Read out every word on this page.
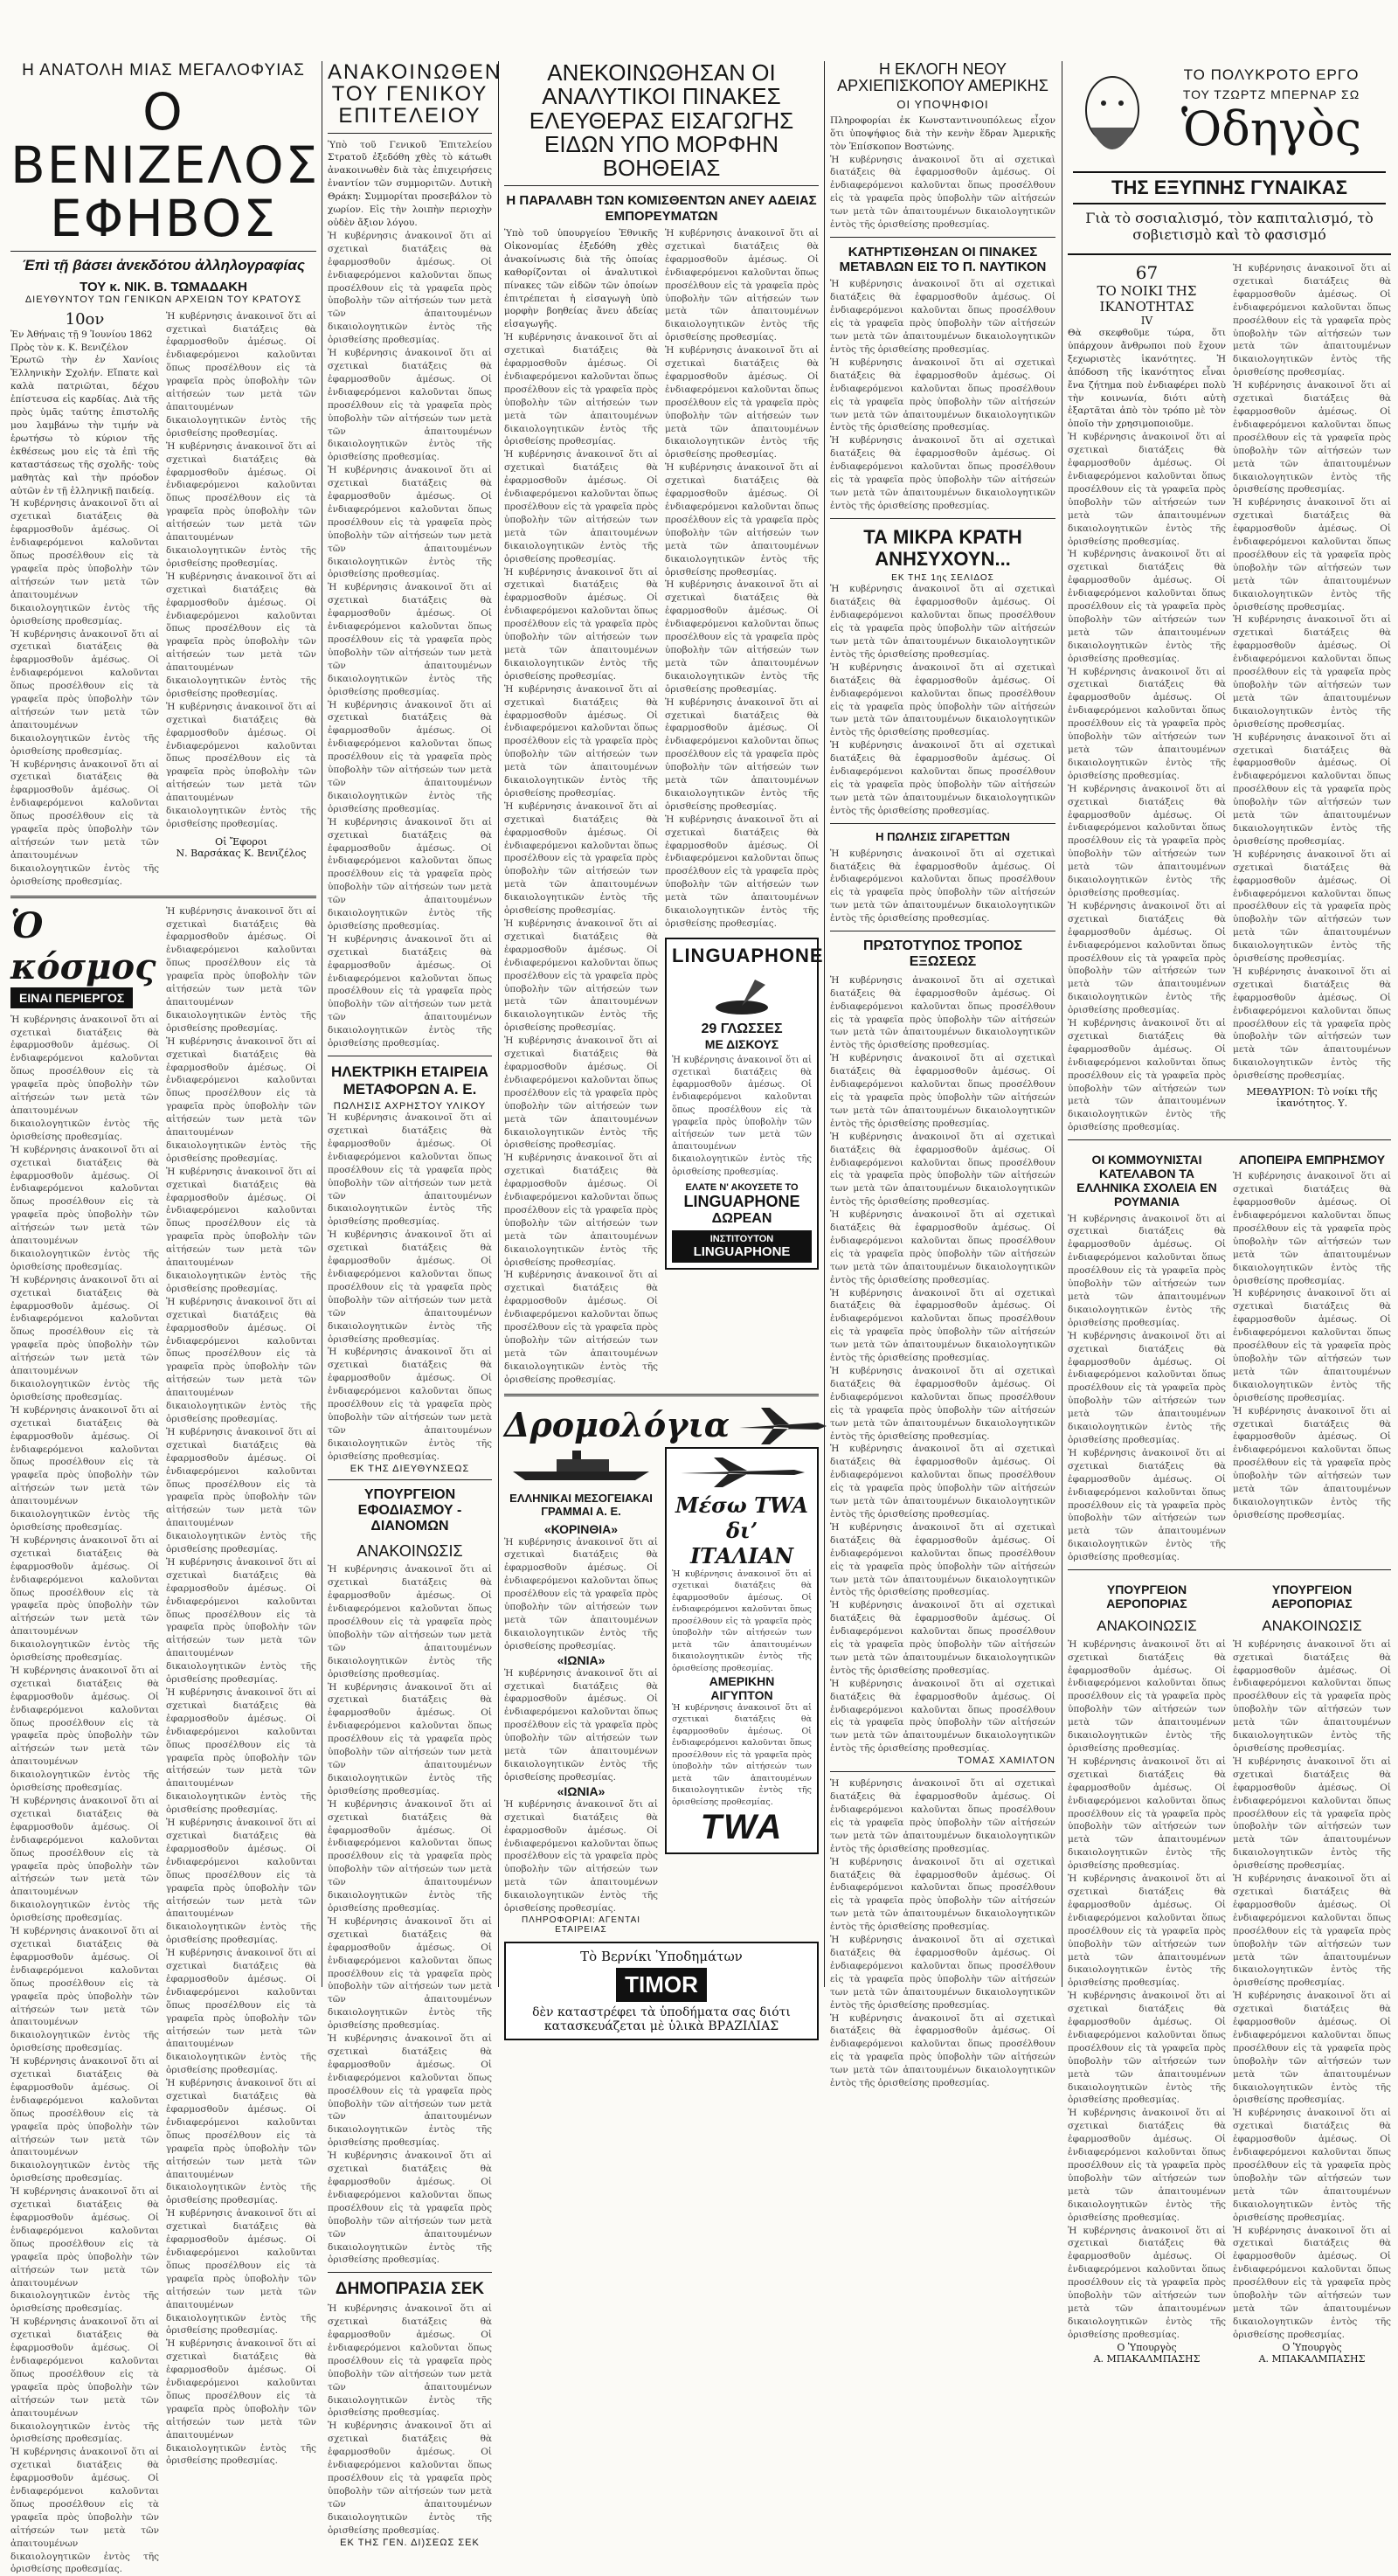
Η ΑΝΑΤΟΛΗ ΜΙΑΣ ΜΕΓΑΛΟΦΥΙΑΣ
Ο ΒΕΝΙΖΕΛΟΣ
ΕΦΗΒΟΣ
Έπὶ τῇ βάσει ἀνεκδότου ἀλληλογραφίας
ΤΟΥ κ. ΝΙΚ. Β. ΤΩΜΑΔΑΚΗ
ΔΙΕΥΘΥΝΤΟΥ ΤΩΝ ΓΕΝΙΚΩΝ ΑΡΧΕΙΩΝ ΤΟΥ ΚΡΑΤΟΥΣ
10ον
Ἐν Ἀθήναις τῇ 9 Ἰουνίου 1862
Πρὸς τὸν κ. Κ. Βενιζέλον
Ἐρωτῶ τὴν ἐν Χανίοις Ἑλληνικὴν Σχολήν. Εἴπατε καὶ καλὰ πατριῶται, δέχου ἐπίστευσα εἰς καρδίας. Διὰ τῆς πρὸς ὑμᾶς ταύτης ἐπιστολῆς μου λαμβάνω τὴν τιμήν νὰ ἐρωτήσω τὸ κύριον τῆς ἐκθέσεως μου εἰς τὰ ἐπὶ τῆς καταστάσεως τῆς σχολῆς· τοὺς μαθητὰς καὶ τὴν πρόοδον αὐτῶν ἐν τῇ ἑλληνικῇ παιδείᾳ.
Ἡ κυβέρνησις ἀνακοινοῖ ὅτι αἱ σχετικαὶ διατάξεις θὰ ἐφαρμοσθοῦν ἀμέσως. Οἱ ἐνδιαφερόμενοι καλοῦνται ὅπως προσέλθουν εἰς τὰ γραφεῖα πρὸς ὑποβολὴν τῶν αἰτήσεών των μετὰ τῶν ἀπαιτουμένων δικαιολογητικῶν ἐντὸς τῆς ὁρισθείσης προθεσμίας.
Ἡ κυβέρνησις ἀνακοινοῖ ὅτι αἱ σχετικαὶ διατάξεις θὰ ἐφαρμοσθοῦν ἀμέσως. Οἱ ἐνδιαφερόμενοι καλοῦνται ὅπως προσέλθουν εἰς τὰ γραφεῖα πρὸς ὑποβολὴν τῶν αἰτήσεών των μετὰ τῶν ἀπαιτουμένων δικαιολογητικῶν ἐντὸς τῆς ὁρισθείσης προθεσμίας.
Ἡ κυβέρνησις ἀνακοινοῖ ὅτι αἱ σχετικαὶ διατάξεις θὰ ἐφαρμοσθοῦν ἀμέσως. Οἱ ἐνδιαφερόμενοι καλοῦνται ὅπως προσέλθουν εἰς τὰ γραφεῖα πρὸς ὑποβολὴν τῶν αἰτήσεών των μετὰ τῶν ἀπαιτουμένων δικαιολογητικῶν ἐντὸς τῆς ὁρισθείσης προθεσμίας.
Ἡ κυβέρνησις ἀνακοινοῖ ὅτι αἱ σχετικαὶ διατάξεις θὰ ἐφαρμοσθοῦν ἀμέσως. Οἱ ἐνδιαφερόμενοι καλοῦνται ὅπως προσέλθουν εἰς τὰ γραφεῖα πρὸς ὑποβολὴν τῶν αἰτήσεών των μετὰ τῶν ἀπαιτουμένων δικαιολογητικῶν ἐντὸς τῆς ὁρισθείσης προθεσμίας.
Ἡ κυβέρνησις ἀνακοινοῖ ὅτι αἱ σχετικαὶ διατάξεις θὰ ἐφαρμοσθοῦν ἀμέσως. Οἱ ἐνδιαφερόμενοι καλοῦνται ὅπως προσέλθουν εἰς τὰ γραφεῖα πρὸς ὑποβολὴν τῶν αἰτήσεών των μετὰ τῶν ἀπαιτουμένων δικαιολογητικῶν ἐντὸς τῆς ὁρισθείσης προθεσμίας.
Ἡ κυβέρνησις ἀνακοινοῖ ὅτι αἱ σχετικαὶ διατάξεις θὰ ἐφαρμοσθοῦν ἀμέσως. Οἱ ἐνδιαφερόμενοι καλοῦνται ὅπως προσέλθουν εἰς τὰ γραφεῖα πρὸς ὑποβολὴν τῶν αἰτήσεών των μετὰ τῶν ἀπαιτουμένων δικαιολογητικῶν ἐντὸς τῆς ὁρισθείσης προθεσμίας.
Ἡ κυβέρνησις ἀνακοινοῖ ὅτι αἱ σχετικαὶ διατάξεις θὰ ἐφαρμοσθοῦν ἀμέσως. Οἱ ἐνδιαφερόμενοι καλοῦνται ὅπως προσέλθουν εἰς τὰ γραφεῖα πρὸς ὑποβολὴν τῶν αἰτήσεών των μετὰ τῶν ἀπαιτουμένων δικαιολογητικῶν ἐντὸς τῆς ὁρισθείσης προθεσμίας.
Οἱ Ἔφοροι
Ν. Βαρσάκας Κ. Βενιζέλος
Ὁ κόσμος
ΕΙΝΑΙ ΠΕΡΙΕΡΓΟΣ
Ἡ κυβέρνησις ἀνακοινοῖ ὅτι αἱ σχετικαὶ διατάξεις θὰ ἐφαρμοσθοῦν ἀμέσως. Οἱ ἐνδιαφερόμενοι καλοῦνται ὅπως προσέλθουν εἰς τὰ γραφεῖα πρὸς ὑποβολὴν τῶν αἰτήσεών των μετὰ τῶν ἀπαιτουμένων δικαιολογητικῶν ἐντὸς τῆς ὁρισθείσης προθεσμίας.
Ἡ κυβέρνησις ἀνακοινοῖ ὅτι αἱ σχετικαὶ διατάξεις θὰ ἐφαρμοσθοῦν ἀμέσως. Οἱ ἐνδιαφερόμενοι καλοῦνται ὅπως προσέλθουν εἰς τὰ γραφεῖα πρὸς ὑποβολὴν τῶν αἰτήσεών των μετὰ τῶν ἀπαιτουμένων δικαιολογητικῶν ἐντὸς τῆς ὁρισθείσης προθεσμίας.
Ἡ κυβέρνησις ἀνακοινοῖ ὅτι αἱ σχετικαὶ διατάξεις θὰ ἐφαρμοσθοῦν ἀμέσως. Οἱ ἐνδιαφερόμενοι καλοῦνται ὅπως προσέλθουν εἰς τὰ γραφεῖα πρὸς ὑποβολὴν τῶν αἰτήσεών των μετὰ τῶν ἀπαιτουμένων δικαιολογητικῶν ἐντὸς τῆς ὁρισθείσης προθεσμίας.
Ἡ κυβέρνησις ἀνακοινοῖ ὅτι αἱ σχετικαὶ διατάξεις θὰ ἐφαρμοσθοῦν ἀμέσως. Οἱ ἐνδιαφερόμενοι καλοῦνται ὅπως προσέλθουν εἰς τὰ γραφεῖα πρὸς ὑποβολὴν τῶν αἰτήσεών των μετὰ τῶν ἀπαιτουμένων δικαιολογητικῶν ἐντὸς τῆς ὁρισθείσης προθεσμίας.
Ἡ κυβέρνησις ἀνακοινοῖ ὅτι αἱ σχετικαὶ διατάξεις θὰ ἐφαρμοσθοῦν ἀμέσως. Οἱ ἐνδιαφερόμενοι καλοῦνται ὅπως προσέλθουν εἰς τὰ γραφεῖα πρὸς ὑποβολὴν τῶν αἰτήσεών των μετὰ τῶν ἀπαιτουμένων δικαιολογητικῶν ἐντὸς τῆς ὁρισθείσης προθεσμίας.
Ἡ κυβέρνησις ἀνακοινοῖ ὅτι αἱ σχετικαὶ διατάξεις θὰ ἐφαρμοσθοῦν ἀμέσως. Οἱ ἐνδιαφερόμενοι καλοῦνται ὅπως προσέλθουν εἰς τὰ γραφεῖα πρὸς ὑποβολὴν τῶν αἰτήσεών των μετὰ τῶν ἀπαιτουμένων δικαιολογητικῶν ἐντὸς τῆς ὁρισθείσης προθεσμίας.
Ἡ κυβέρνησις ἀνακοινοῖ ὅτι αἱ σχετικαὶ διατάξεις θὰ ἐφαρμοσθοῦν ἀμέσως. Οἱ ἐνδιαφερόμενοι καλοῦνται ὅπως προσέλθουν εἰς τὰ γραφεῖα πρὸς ὑποβολὴν τῶν αἰτήσεών των μετὰ τῶν ἀπαιτουμένων δικαιολογητικῶν ἐντὸς τῆς ὁρισθείσης προθεσμίας.
Ἡ κυβέρνησις ἀνακοινοῖ ὅτι αἱ σχετικαὶ διατάξεις θὰ ἐφαρμοσθοῦν ἀμέσως. Οἱ ἐνδιαφερόμενοι καλοῦνται ὅπως προσέλθουν εἰς τὰ γραφεῖα πρὸς ὑποβολὴν τῶν αἰτήσεών των μετὰ τῶν ἀπαιτουμένων δικαιολογητικῶν ἐντὸς τῆς ὁρισθείσης προθεσμίας.
Ἡ κυβέρνησις ἀνακοινοῖ ὅτι αἱ σχετικαὶ διατάξεις θὰ ἐφαρμοσθοῦν ἀμέσως. Οἱ ἐνδιαφερόμενοι καλοῦνται ὅπως προσέλθουν εἰς τὰ γραφεῖα πρὸς ὑποβολὴν τῶν αἰτήσεών των μετὰ τῶν ἀπαιτουμένων δικαιολογητικῶν ἐντὸς τῆς ὁρισθείσης προθεσμίας.
Ἡ κυβέρνησις ἀνακοινοῖ ὅτι αἱ σχετικαὶ διατάξεις θὰ ἐφαρμοσθοῦν ἀμέσως. Οἱ ἐνδιαφερόμενοι καλοῦνται ὅπως προσέλθουν εἰς τὰ γραφεῖα πρὸς ὑποβολὴν τῶν αἰτήσεών των μετὰ τῶν ἀπαιτουμένων δικαιολογητικῶν ἐντὸς τῆς ὁρισθείσης προθεσμίας.
Ἡ κυβέρνησις ἀνακοινοῖ ὅτι αἱ σχετικαὶ διατάξεις θὰ ἐφαρμοσθοῦν ἀμέσως. Οἱ ἐνδιαφερόμενοι καλοῦνται ὅπως προσέλθουν εἰς τὰ γραφεῖα πρὸς ὑποβολὴν τῶν αἰτήσεών των μετὰ τῶν ἀπαιτουμένων δικαιολογητικῶν ἐντὸς τῆς ὁρισθείσης προθεσμίας.
Ἡ κυβέρνησις ἀνακοινοῖ ὅτι αἱ σχετικαὶ διατάξεις θὰ ἐφαρμοσθοῦν ἀμέσως. Οἱ ἐνδιαφερόμενοι καλοῦνται ὅπως προσέλθουν εἰς τὰ γραφεῖα πρὸς ὑποβολὴν τῶν αἰτήσεών των μετὰ τῶν ἀπαιτουμένων δικαιολογητικῶν ἐντὸς τῆς ὁρισθείσης προθεσμίας.
Ἡ κυβέρνησις ἀνακοινοῖ ὅτι αἱ σχετικαὶ διατάξεις θὰ ἐφαρμοσθοῦν ἀμέσως. Οἱ ἐνδιαφερόμενοι καλοῦνται ὅπως προσέλθουν εἰς τὰ γραφεῖα πρὸς ὑποβολὴν τῶν αἰτήσεών των μετὰ τῶν ἀπαιτουμένων δικαιολογητικῶν ἐντὸς τῆς ὁρισθείσης προθεσμίας.
Ἡ κυβέρνησις ἀνακοινοῖ ὅτι αἱ σχετικαὶ διατάξεις θὰ ἐφαρμοσθοῦν ἀμέσως. Οἱ ἐνδιαφερόμενοι καλοῦνται ὅπως προσέλθουν εἰς τὰ γραφεῖα πρὸς ὑποβολὴν τῶν αἰτήσεών των μετὰ τῶν ἀπαιτουμένων δικαιολογητικῶν ἐντὸς τῆς ὁρισθείσης προθεσμίας.
Ἡ κυβέρνησις ἀνακοινοῖ ὅτι αἱ σχετικαὶ διατάξεις θὰ ἐφαρμοσθοῦν ἀμέσως. Οἱ ἐνδιαφερόμενοι καλοῦνται ὅπως προσέλθουν εἰς τὰ γραφεῖα πρὸς ὑποβολὴν τῶν αἰτήσεών των μετὰ τῶν ἀπαιτουμένων δικαιολογητικῶν ἐντὸς τῆς ὁρισθείσης προθεσμίας.
Ἡ κυβέρνησις ἀνακοινοῖ ὅτι αἱ σχετικαὶ διατάξεις θὰ ἐφαρμοσθοῦν ἀμέσως. Οἱ ἐνδιαφερόμενοι καλοῦνται ὅπως προσέλθουν εἰς τὰ γραφεῖα πρὸς ὑποβολὴν τῶν αἰτήσεών των μετὰ τῶν ἀπαιτουμένων δικαιολογητικῶν ἐντὸς τῆς ὁρισθείσης προθεσμίας.
Ἡ κυβέρνησις ἀνακοινοῖ ὅτι αἱ σχετικαὶ διατάξεις θὰ ἐφαρμοσθοῦν ἀμέσως. Οἱ ἐνδιαφερόμενοι καλοῦνται ὅπως προσέλθουν εἰς τὰ γραφεῖα πρὸς ὑποβολὴν τῶν αἰτήσεών των μετὰ τῶν ἀπαιτουμένων δικαιολογητικῶν ἐντὸς τῆς ὁρισθείσης προθεσμίας.
Ἡ κυβέρνησις ἀνακοινοῖ ὅτι αἱ σχετικαὶ διατάξεις θὰ ἐφαρμοσθοῦν ἀμέσως. Οἱ ἐνδιαφερόμενοι καλοῦνται ὅπως προσέλθουν εἰς τὰ γραφεῖα πρὸς ὑποβολὴν τῶν αἰτήσεών των μετὰ τῶν ἀπαιτουμένων δικαιολογητικῶν ἐντὸς τῆς ὁρισθείσης προθεσμίας.
Ἡ κυβέρνησις ἀνακοινοῖ ὅτι αἱ σχετικαὶ διατάξεις θὰ ἐφαρμοσθοῦν ἀμέσως. Οἱ ἐνδιαφερόμενοι καλοῦνται ὅπως προσέλθουν εἰς τὰ γραφεῖα πρὸς ὑποβολὴν τῶν αἰτήσεών των μετὰ τῶν ἀπαιτουμένων δικαιολογητικῶν ἐντὸς τῆς ὁρισθείσης προθεσμίας.
Ἡ κυβέρνησις ἀνακοινοῖ ὅτι αἱ σχετικαὶ διατάξεις θὰ ἐφαρμοσθοῦν ἀμέσως. Οἱ ἐνδιαφερόμενοι καλοῦνται ὅπως προσέλθουν εἰς τὰ γραφεῖα πρὸς ὑποβολὴν τῶν αἰτήσεών των μετὰ τῶν ἀπαιτουμένων δικαιολογητικῶν ἐντὸς τῆς ὁρισθείσης προθεσμίας.
Ἡ κυβέρνησις ἀνακοινοῖ ὅτι αἱ σχετικαὶ διατάξεις θὰ ἐφαρμοσθοῦν ἀμέσως. Οἱ ἐνδιαφερόμενοι καλοῦνται ὅπως προσέλθουν εἰς τὰ γραφεῖα πρὸς ὑποβολὴν τῶν αἰτήσεών των μετὰ τῶν ἀπαιτουμένων δικαιολογητικῶν ἐντὸς τῆς ὁρισθείσης προθεσμίας.
Ἡ κυβέρνησις ἀνακοινοῖ ὅτι αἱ σχετικαὶ διατάξεις θὰ ἐφαρμοσθοῦν ἀμέσως. Οἱ ἐνδιαφερόμενοι καλοῦνται ὅπως προσέλθουν εἰς τὰ γραφεῖα πρὸς ὑποβολὴν τῶν αἰτήσεών των μετὰ τῶν ἀπαιτουμένων δικαιολογητικῶν ἐντὸς τῆς ὁρισθείσης προθεσμίας.
Ἡ κυβέρνησις ἀνακοινοῖ ὅτι αἱ σχετικαὶ διατάξεις θὰ ἐφαρμοσθοῦν ἀμέσως. Οἱ ἐνδιαφερόμενοι καλοῦνται ὅπως προσέλθουν εἰς τὰ γραφεῖα πρὸς ὑποβολὴν τῶν αἰτήσεών των μετὰ τῶν ἀπαιτουμένων δικαιολογητικῶν ἐντὸς τῆς ὁρισθείσης προθεσμίας.
Ἡ κυβέρνησις ἀνακοινοῖ ὅτι αἱ σχετικαὶ διατάξεις θὰ ἐφαρμοσθοῦν ἀμέσως. Οἱ ἐνδιαφερόμενοι καλοῦνται ὅπως προσέλθουν εἰς τὰ γραφεῖα πρὸς ὑποβολὴν τῶν αἰτήσεών των μετὰ τῶν ἀπαιτουμένων δικαιολογητικῶν ἐντὸς τῆς ὁρισθείσης προθεσμίας.
ΑΝΑΚΟΙΝΩΘΕΝ ΤΟΥ ΓΕΝΙΚΟΥ ΕΠΙΤΕΛΕΙΟΥ
Ὑπὸ τοῦ Γενικοῦ Ἐπιτελείου Στρατοῦ ἐξεδόθη χθὲς τὸ κάτωθι ἀνακοινωθὲν διὰ τὰς ἐπιχειρήσεις ἐναντίον τῶν συμμοριτῶν. Δυτικὴ Θράκη: Συμμορίται προσεβάλον τὸ χωρίον. Εἰς τὴν λοιπὴν περιοχὴν οὐδὲν ἄξιον λόγου.
Ἡ κυβέρνησις ἀνακοινοῖ ὅτι αἱ σχετικαὶ διατάξεις θὰ ἐφαρμοσθοῦν ἀμέσως. Οἱ ἐνδιαφερόμενοι καλοῦνται ὅπως προσέλθουν εἰς τὰ γραφεῖα πρὸς ὑποβολὴν τῶν αἰτήσεών των μετὰ τῶν ἀπαιτουμένων δικαιολογητικῶν ἐντὸς τῆς ὁρισθείσης προθεσμίας.
Ἡ κυβέρνησις ἀνακοινοῖ ὅτι αἱ σχετικαὶ διατάξεις θὰ ἐφαρμοσθοῦν ἀμέσως. Οἱ ἐνδιαφερόμενοι καλοῦνται ὅπως προσέλθουν εἰς τὰ γραφεῖα πρὸς ὑποβολὴν τῶν αἰτήσεών των μετὰ τῶν ἀπαιτουμένων δικαιολογητικῶν ἐντὸς τῆς ὁρισθείσης προθεσμίας.
Ἡ κυβέρνησις ἀνακοινοῖ ὅτι αἱ σχετικαὶ διατάξεις θὰ ἐφαρμοσθοῦν ἀμέσως. Οἱ ἐνδιαφερόμενοι καλοῦνται ὅπως προσέλθουν εἰς τὰ γραφεῖα πρὸς ὑποβολὴν τῶν αἰτήσεών των μετὰ τῶν ἀπαιτουμένων δικαιολογητικῶν ἐντὸς τῆς ὁρισθείσης προθεσμίας.
Ἡ κυβέρνησις ἀνακοινοῖ ὅτι αἱ σχετικαὶ διατάξεις θὰ ἐφαρμοσθοῦν ἀμέσως. Οἱ ἐνδιαφερόμενοι καλοῦνται ὅπως προσέλθουν εἰς τὰ γραφεῖα πρὸς ὑποβολὴν τῶν αἰτήσεών των μετὰ τῶν ἀπαιτουμένων δικαιολογητικῶν ἐντὸς τῆς ὁρισθείσης προθεσμίας.
Ἡ κυβέρνησις ἀνακοινοῖ ὅτι αἱ σχετικαὶ διατάξεις θὰ ἐφαρμοσθοῦν ἀμέσως. Οἱ ἐνδιαφερόμενοι καλοῦνται ὅπως προσέλθουν εἰς τὰ γραφεῖα πρὸς ὑποβολὴν τῶν αἰτήσεών των μετὰ τῶν ἀπαιτουμένων δικαιολογητικῶν ἐντὸς τῆς ὁρισθείσης προθεσμίας.
Ἡ κυβέρνησις ἀνακοινοῖ ὅτι αἱ σχετικαὶ διατάξεις θὰ ἐφαρμοσθοῦν ἀμέσως. Οἱ ἐνδιαφερόμενοι καλοῦνται ὅπως προσέλθουν εἰς τὰ γραφεῖα πρὸς ὑποβολὴν τῶν αἰτήσεών των μετὰ τῶν ἀπαιτουμένων δικαιολογητικῶν ἐντὸς τῆς ὁρισθείσης προθεσμίας.
Ἡ κυβέρνησις ἀνακοινοῖ ὅτι αἱ σχετικαὶ διατάξεις θὰ ἐφαρμοσθοῦν ἀμέσως. Οἱ ἐνδιαφερόμενοι καλοῦνται ὅπως προσέλθουν εἰς τὰ γραφεῖα πρὸς ὑποβολὴν τῶν αἰτήσεών των μετὰ τῶν ἀπαιτουμένων δικαιολογητικῶν ἐντὸς τῆς ὁρισθείσης προθεσμίας.
ΗΛΕΚΤΡΙΚΗ ΕΤΑΙΡΕΙΑ ΜΕΤΑΦΟΡΩΝ Α. Ε.
ΠΩΛΗΣΙΣ ΑΧΡΗΣΤΟΥ ΥΛΙΚΟΥ
Ἡ κυβέρνησις ἀνακοινοῖ ὅτι αἱ σχετικαὶ διατάξεις θὰ ἐφαρμοσθοῦν ἀμέσως. Οἱ ἐνδιαφερόμενοι καλοῦνται ὅπως προσέλθουν εἰς τὰ γραφεῖα πρὸς ὑποβολὴν τῶν αἰτήσεών των μετὰ τῶν ἀπαιτουμένων δικαιολογητικῶν ἐντὸς τῆς ὁρισθείσης προθεσμίας.
Ἡ κυβέρνησις ἀνακοινοῖ ὅτι αἱ σχετικαὶ διατάξεις θὰ ἐφαρμοσθοῦν ἀμέσως. Οἱ ἐνδιαφερόμενοι καλοῦνται ὅπως προσέλθουν εἰς τὰ γραφεῖα πρὸς ὑποβολὴν τῶν αἰτήσεών των μετὰ τῶν ἀπαιτουμένων δικαιολογητικῶν ἐντὸς τῆς ὁρισθείσης προθεσμίας.
Ἡ κυβέρνησις ἀνακοινοῖ ὅτι αἱ σχετικαὶ διατάξεις θὰ ἐφαρμοσθοῦν ἀμέσως. Οἱ ἐνδιαφερόμενοι καλοῦνται ὅπως προσέλθουν εἰς τὰ γραφεῖα πρὸς ὑποβολὴν τῶν αἰτήσεών των μετὰ τῶν ἀπαιτουμένων δικαιολογητικῶν ἐντὸς τῆς ὁρισθείσης προθεσμίας.
ΕΚ ΤΗΣ ΔΙΕΥΘΥΝΣΕΩΣ
ΥΠΟΥΡΓΕΙΟΝ ΕΦΟΔΙΑΣΜΟΥ - ΔΙΑΝΟΜΩΝ
ΑΝΑΚΟΙΝΩΣΙΣ
Ἡ κυβέρνησις ἀνακοινοῖ ὅτι αἱ σχετικαὶ διατάξεις θὰ ἐφαρμοσθοῦν ἀμέσως. Οἱ ἐνδιαφερόμενοι καλοῦνται ὅπως προσέλθουν εἰς τὰ γραφεῖα πρὸς ὑποβολὴν τῶν αἰτήσεών των μετὰ τῶν ἀπαιτουμένων δικαιολογητικῶν ἐντὸς τῆς ὁρισθείσης προθεσμίας.
Ἡ κυβέρνησις ἀνακοινοῖ ὅτι αἱ σχετικαὶ διατάξεις θὰ ἐφαρμοσθοῦν ἀμέσως. Οἱ ἐνδιαφερόμενοι καλοῦνται ὅπως προσέλθουν εἰς τὰ γραφεῖα πρὸς ὑποβολὴν τῶν αἰτήσεών των μετὰ τῶν ἀπαιτουμένων δικαιολογητικῶν ἐντὸς τῆς ὁρισθείσης προθεσμίας.
Ἡ κυβέρνησις ἀνακοινοῖ ὅτι αἱ σχετικαὶ διατάξεις θὰ ἐφαρμοσθοῦν ἀμέσως. Οἱ ἐνδιαφερόμενοι καλοῦνται ὅπως προσέλθουν εἰς τὰ γραφεῖα πρὸς ὑποβολὴν τῶν αἰτήσεών των μετὰ τῶν ἀπαιτουμένων δικαιολογητικῶν ἐντὸς τῆς ὁρισθείσης προθεσμίας.
Ἡ κυβέρνησις ἀνακοινοῖ ὅτι αἱ σχετικαὶ διατάξεις θὰ ἐφαρμοσθοῦν ἀμέσως. Οἱ ἐνδιαφερόμενοι καλοῦνται ὅπως προσέλθουν εἰς τὰ γραφεῖα πρὸς ὑποβολὴν τῶν αἰτήσεών των μετὰ τῶν ἀπαιτουμένων δικαιολογητικῶν ἐντὸς τῆς ὁρισθείσης προθεσμίας.
Ἡ κυβέρνησις ἀνακοινοῖ ὅτι αἱ σχετικαὶ διατάξεις θὰ ἐφαρμοσθοῦν ἀμέσως. Οἱ ἐνδιαφερόμενοι καλοῦνται ὅπως προσέλθουν εἰς τὰ γραφεῖα πρὸς ὑποβολὴν τῶν αἰτήσεών των μετὰ τῶν ἀπαιτουμένων δικαιολογητικῶν ἐντὸς τῆς ὁρισθείσης προθεσμίας.
Ἡ κυβέρνησις ἀνακοινοῖ ὅτι αἱ σχετικαὶ διατάξεις θὰ ἐφαρμοσθοῦν ἀμέσως. Οἱ ἐνδιαφερόμενοι καλοῦνται ὅπως προσέλθουν εἰς τὰ γραφεῖα πρὸς ὑποβολὴν τῶν αἰτήσεών των μετὰ τῶν ἀπαιτουμένων δικαιολογητικῶν ἐντὸς τῆς ὁρισθείσης προθεσμίας.
ΔΗΜΟΠΡΑΣΙΑ ΣΕΚ
Ἡ κυβέρνησις ἀνακοινοῖ ὅτι αἱ σχετικαὶ διατάξεις θὰ ἐφαρμοσθοῦν ἀμέσως. Οἱ ἐνδιαφερόμενοι καλοῦνται ὅπως προσέλθουν εἰς τὰ γραφεῖα πρὸς ὑποβολὴν τῶν αἰτήσεών των μετὰ τῶν ἀπαιτουμένων δικαιολογητικῶν ἐντὸς τῆς ὁρισθείσης προθεσμίας.
Ἡ κυβέρνησις ἀνακοινοῖ ὅτι αἱ σχετικαὶ διατάξεις θὰ ἐφαρμοσθοῦν ἀμέσως. Οἱ ἐνδιαφερόμενοι καλοῦνται ὅπως προσέλθουν εἰς τὰ γραφεῖα πρὸς ὑποβολὴν τῶν αἰτήσεών των μετὰ τῶν ἀπαιτουμένων δικαιολογητικῶν ἐντὸς τῆς ὁρισθείσης προθεσμίας.
ΕΚ ΤΗΣ ΓΕΝ. ΔΙ)ΣΕΩΣ ΣΕΚ
ΑΝΕΚΟΙΝΩΘΗΣΑΝ ΟΙ ΑΝΑΛΥΤΙΚΟΙ ΠΙΝΑΚΕΣ ΕΛΕΥΘΕΡΑΣ ΕΙΣΑΓΩΓΗΣ ΕΙΔΩΝ ΥΠΟ ΜΟΡΦΗΝ ΒΟΗΘΕΙΑΣ
Η ΠΑΡΑΛΑΒΗ ΤΩΝ ΚΟΜΙΣΘΕΝΤΩΝ ΑΝΕΥ ΑΔΕΙΑΣ ΕΜΠΟΡΕΥΜΑΤΩΝ
Ὑπὸ τοῦ ὑπουργείου Ἐθνικῆς Οἰκονομίας ἐξεδόθη χθὲς ἀνακοίνωσις διὰ τῆς ὁποίας καθορίζονται οἱ ἀναλυτικοὶ πίνακες τῶν εἰδῶν τῶν ὁποίων ἐπιτρέπεται ἡ εἰσαγωγὴ ὑπὸ μορφὴν βοηθείας ἄνευ ἀδείας εἰσαγωγῆς.
Ἡ κυβέρνησις ἀνακοινοῖ ὅτι αἱ σχετικαὶ διατάξεις θὰ ἐφαρμοσθοῦν ἀμέσως. Οἱ ἐνδιαφερόμενοι καλοῦνται ὅπως προσέλθουν εἰς τὰ γραφεῖα πρὸς ὑποβολὴν τῶν αἰτήσεών των μετὰ τῶν ἀπαιτουμένων δικαιολογητικῶν ἐντὸς τῆς ὁρισθείσης προθεσμίας.
Ἡ κυβέρνησις ἀνακοινοῖ ὅτι αἱ σχετικαὶ διατάξεις θὰ ἐφαρμοσθοῦν ἀμέσως. Οἱ ἐνδιαφερόμενοι καλοῦνται ὅπως προσέλθουν εἰς τὰ γραφεῖα πρὸς ὑποβολὴν τῶν αἰτήσεών των μετὰ τῶν ἀπαιτουμένων δικαιολογητικῶν ἐντὸς τῆς ὁρισθείσης προθεσμίας.
Ἡ κυβέρνησις ἀνακοινοῖ ὅτι αἱ σχετικαὶ διατάξεις θὰ ἐφαρμοσθοῦν ἀμέσως. Οἱ ἐνδιαφερόμενοι καλοῦνται ὅπως προσέλθουν εἰς τὰ γραφεῖα πρὸς ὑποβολὴν τῶν αἰτήσεών των μετὰ τῶν ἀπαιτουμένων δικαιολογητικῶν ἐντὸς τῆς ὁρισθείσης προθεσμίας.
Ἡ κυβέρνησις ἀνακοινοῖ ὅτι αἱ σχετικαὶ διατάξεις θὰ ἐφαρμοσθοῦν ἀμέσως. Οἱ ἐνδιαφερόμενοι καλοῦνται ὅπως προσέλθουν εἰς τὰ γραφεῖα πρὸς ὑποβολὴν τῶν αἰτήσεών των μετὰ τῶν ἀπαιτουμένων δικαιολογητικῶν ἐντὸς τῆς ὁρισθείσης προθεσμίας.
Ἡ κυβέρνησις ἀνακοινοῖ ὅτι αἱ σχετικαὶ διατάξεις θὰ ἐφαρμοσθοῦν ἀμέσως. Οἱ ἐνδιαφερόμενοι καλοῦνται ὅπως προσέλθουν εἰς τὰ γραφεῖα πρὸς ὑποβολὴν τῶν αἰτήσεών των μετὰ τῶν ἀπαιτουμένων δικαιολογητικῶν ἐντὸς τῆς ὁρισθείσης προθεσμίας.
Ἡ κυβέρνησις ἀνακοινοῖ ὅτι αἱ σχετικαὶ διατάξεις θὰ ἐφαρμοσθοῦν ἀμέσως. Οἱ ἐνδιαφερόμενοι καλοῦνται ὅπως προσέλθουν εἰς τὰ γραφεῖα πρὸς ὑποβολὴν τῶν αἰτήσεών των μετὰ τῶν ἀπαιτουμένων δικαιολογητικῶν ἐντὸς τῆς ὁρισθείσης προθεσμίας.
Ἡ κυβέρνησις ἀνακοινοῖ ὅτι αἱ σχετικαὶ διατάξεις θὰ ἐφαρμοσθοῦν ἀμέσως. Οἱ ἐνδιαφερόμενοι καλοῦνται ὅπως προσέλθουν εἰς τὰ γραφεῖα πρὸς ὑποβολὴν τῶν αἰτήσεών των μετὰ τῶν ἀπαιτουμένων δικαιολογητικῶν ἐντὸς τῆς ὁρισθείσης προθεσμίας.
Ἡ κυβέρνησις ἀνακοινοῖ ὅτι αἱ σχετικαὶ διατάξεις θὰ ἐφαρμοσθοῦν ἀμέσως. Οἱ ἐνδιαφερόμενοι καλοῦνται ὅπως προσέλθουν εἰς τὰ γραφεῖα πρὸς ὑποβολὴν τῶν αἰτήσεών των μετὰ τῶν ἀπαιτουμένων δικαιολογητικῶν ἐντὸς τῆς ὁρισθείσης προθεσμίας.
Ἡ κυβέρνησις ἀνακοινοῖ ὅτι αἱ σχετικαὶ διατάξεις θὰ ἐφαρμοσθοῦν ἀμέσως. Οἱ ἐνδιαφερόμενοι καλοῦνται ὅπως προσέλθουν εἰς τὰ γραφεῖα πρὸς ὑποβολὴν τῶν αἰτήσεών των μετὰ τῶν ἀπαιτουμένων δικαιολογητικῶν ἐντὸς τῆς ὁρισθείσης προθεσμίας.
Ἡ κυβέρνησις ἀνακοινοῖ ὅτι αἱ σχετικαὶ διατάξεις θὰ ἐφαρμοσθοῦν ἀμέσως. Οἱ ἐνδιαφερόμενοι καλοῦνται ὅπως προσέλθουν εἰς τὰ γραφεῖα πρὸς ὑποβολὴν τῶν αἰτήσεών των μετὰ τῶν ἀπαιτουμένων δικαιολογητικῶν ἐντὸς τῆς ὁρισθείσης προθεσμίας.
Ἡ κυβέρνησις ἀνακοινοῖ ὅτι αἱ σχετικαὶ διατάξεις θὰ ἐφαρμοσθοῦν ἀμέσως. Οἱ ἐνδιαφερόμενοι καλοῦνται ὅπως προσέλθουν εἰς τὰ γραφεῖα πρὸς ὑποβολὴν τῶν αἰτήσεών των μετὰ τῶν ἀπαιτουμένων δικαιολογητικῶν ἐντὸς τῆς ὁρισθείσης προθεσμίας.
Ἡ κυβέρνησις ἀνακοινοῖ ὅτι αἱ σχετικαὶ διατάξεις θὰ ἐφαρμοσθοῦν ἀμέσως. Οἱ ἐνδιαφερόμενοι καλοῦνται ὅπως προσέλθουν εἰς τὰ γραφεῖα πρὸς ὑποβολὴν τῶν αἰτήσεών των μετὰ τῶν ἀπαιτουμένων δικαιολογητικῶν ἐντὸς τῆς ὁρισθείσης προθεσμίας.
Ἡ κυβέρνησις ἀνακοινοῖ ὅτι αἱ σχετικαὶ διατάξεις θὰ ἐφαρμοσθοῦν ἀμέσως. Οἱ ἐνδιαφερόμενοι καλοῦνται ὅπως προσέλθουν εἰς τὰ γραφεῖα πρὸς ὑποβολὴν τῶν αἰτήσεών των μετὰ τῶν ἀπαιτουμένων δικαιολογητικῶν ἐντὸς τῆς ὁρισθείσης προθεσμίας.
Ἡ κυβέρνησις ἀνακοινοῖ ὅτι αἱ σχετικαὶ διατάξεις θὰ ἐφαρμοσθοῦν ἀμέσως. Οἱ ἐνδιαφερόμενοι καλοῦνται ὅπως προσέλθουν εἰς τὰ γραφεῖα πρὸς ὑποβολὴν τῶν αἰτήσεών των μετὰ τῶν ἀπαιτουμένων δικαιολογητικῶν ἐντὸς τῆς ὁρισθείσης προθεσμίας.
Ἡ κυβέρνησις ἀνακοινοῖ ὅτι αἱ σχετικαὶ διατάξεις θὰ ἐφαρμοσθοῦν ἀμέσως. Οἱ ἐνδιαφερόμενοι καλοῦνται ὅπως προσέλθουν εἰς τὰ γραφεῖα πρὸς ὑποβολὴν τῶν αἰτήσεών των μετὰ τῶν ἀπαιτουμένων δικαιολογητικῶν ἐντὸς τῆς ὁρισθείσης προθεσμίας.
LINGUAPHONE
29 ΓΛΩΣΣΕΣ
ΜΕ ΔΙΣΚΟΥΣ
Ἡ κυβέρνησις ἀνακοινοῖ ὅτι αἱ σχετικαὶ διατάξεις θὰ ἐφαρμοσθοῦν ἀμέσως. Οἱ ἐνδιαφερόμενοι καλοῦνται ὅπως προσέλθουν εἰς τὰ γραφεῖα πρὸς ὑποβολὴν τῶν αἰτήσεών των μετὰ τῶν ἀπαιτουμένων δικαιολογητικῶν ἐντὸς τῆς ὁρισθείσης προθεσμίας.
ΕΛΑΤΕ Ν' ΑΚΟΥΣΕΤΕ ΤΟ
LINGUAPHONE
ΔΩΡΕΑΝ
ΙΝΣΤΙΤΟΥΤΟΝ
LINGUAPHONE
Δρομολόγια
ΕΛΛΗΝΙΚΑΙ ΜΕΣΟΓΕΙΑΚΑΙ ΓΡΑΜΜΑΙ Α. Ε.
«ΚΟΡΙΝΘΙΑ»
Ἡ κυβέρνησις ἀνακοινοῖ ὅτι αἱ σχετικαὶ διατάξεις θὰ ἐφαρμοσθοῦν ἀμέσως. Οἱ ἐνδιαφερόμενοι καλοῦνται ὅπως προσέλθουν εἰς τὰ γραφεῖα πρὸς ὑποβολὴν τῶν αἰτήσεών των μετὰ τῶν ἀπαιτουμένων δικαιολογητικῶν ἐντὸς τῆς ὁρισθείσης προθεσμίας.
«ΙΩΝΙΑ»
Ἡ κυβέρνησις ἀνακοινοῖ ὅτι αἱ σχετικαὶ διατάξεις θὰ ἐφαρμοσθοῦν ἀμέσως. Οἱ ἐνδιαφερόμενοι καλοῦνται ὅπως προσέλθουν εἰς τὰ γραφεῖα πρὸς ὑποβολὴν τῶν αἰτήσεών των μετὰ τῶν ἀπαιτουμένων δικαιολογητικῶν ἐντὸς τῆς ὁρισθείσης προθεσμίας.
«ΙΩΝΙΑ»
Ἡ κυβέρνησις ἀνακοινοῖ ὅτι αἱ σχετικαὶ διατάξεις θὰ ἐφαρμοσθοῦν ἀμέσως. Οἱ ἐνδιαφερόμενοι καλοῦνται ὅπως προσέλθουν εἰς τὰ γραφεῖα πρὸς ὑποβολὴν τῶν αἰτήσεών των μετὰ τῶν ἀπαιτουμένων δικαιολογητικῶν ἐντὸς τῆς ὁρισθείσης προθεσμίας.
ΠΛΗΡΟΦΟΡΙΑΙ: ΑΓΕΝΤΑΙ ΕΤΑΙΡΕΙΑΣ
Μέσω TWA
διʼ ΙΤΑΛΙΑΝ
Ἡ κυβέρνησις ἀνακοινοῖ ὅτι αἱ σχετικαὶ διατάξεις θὰ ἐφαρμοσθοῦν ἀμέσως. Οἱ ἐνδιαφερόμενοι καλοῦνται ὅπως προσέλθουν εἰς τὰ γραφεῖα πρὸς ὑποβολὴν τῶν αἰτήσεών των μετὰ τῶν ἀπαιτουμένων δικαιολογητικῶν ἐντὸς τῆς ὁρισθείσης προθεσμίας.
ΑΜΕΡΙΚΗΝ
ΑΙΓΥΠΤΟΝ
Ἡ κυβέρνησις ἀνακοινοῖ ὅτι αἱ σχετικαὶ διατάξεις θὰ ἐφαρμοσθοῦν ἀμέσως. Οἱ ἐνδιαφερόμενοι καλοῦνται ὅπως προσέλθουν εἰς τὰ γραφεῖα πρὸς ὑποβολὴν τῶν αἰτήσεών των μετὰ τῶν ἀπαιτουμένων δικαιολογητικῶν ἐντὸς τῆς ὁρισθείσης προθεσμίας.
TWA
Τὸ Βερνίκι Ὑποδημάτων
TIMOR
δὲν καταστρέφει τὰ ὑποδήματα σας διότι κατασκευάζεται μὲ ὑλικὰ ΒΡΑΖΙΛΙΑΣ
Η ΕΚΛΟΓΗ ΝΕΟΥ ΑΡΧΙΕΠΙΣΚΟΠΟΥ ΑΜΕΡΙΚΗΣ
ΟΙ ΥΠΟΨΗΦΙΟΙ
Πληροφορίαι ἐκ Κωνσταντινουπόλεως εἶχον ὅτι ὑποψήφιος διὰ τὴν κενὴν ἕδραν Ἀμερικῆς τὸν Ἐπίσκοπον Βοστώνης.
Ἡ κυβέρνησις ἀνακοινοῖ ὅτι αἱ σχετικαὶ διατάξεις θὰ ἐφαρμοσθοῦν ἀμέσως. Οἱ ἐνδιαφερόμενοι καλοῦνται ὅπως προσέλθουν εἰς τὰ γραφεῖα πρὸς ὑποβολὴν τῶν αἰτήσεών των μετὰ τῶν ἀπαιτουμένων δικαιολογητικῶν ἐντὸς τῆς ὁρισθείσης προθεσμίας.
ΚΑΤΗΡΤΙΣΘΗΣΑΝ ΟΙ ΠΙΝΑΚΕΣ ΜΕΤΑΒΛΩΝ ΕΙΣ ΤΟ Π. ΝΑΥΤΙΚΟΝ
Ἡ κυβέρνησις ἀνακοινοῖ ὅτι αἱ σχετικαὶ διατάξεις θὰ ἐφαρμοσθοῦν ἀμέσως. Οἱ ἐνδιαφερόμενοι καλοῦνται ὅπως προσέλθουν εἰς τὰ γραφεῖα πρὸς ὑποβολὴν τῶν αἰτήσεών των μετὰ τῶν ἀπαιτουμένων δικαιολογητικῶν ἐντὸς τῆς ὁρισθείσης προθεσμίας.
Ἡ κυβέρνησις ἀνακοινοῖ ὅτι αἱ σχετικαὶ διατάξεις θὰ ἐφαρμοσθοῦν ἀμέσως. Οἱ ἐνδιαφερόμενοι καλοῦνται ὅπως προσέλθουν εἰς τὰ γραφεῖα πρὸς ὑποβολὴν τῶν αἰτήσεών των μετὰ τῶν ἀπαιτουμένων δικαιολογητικῶν ἐντὸς τῆς ὁρισθείσης προθεσμίας.
Ἡ κυβέρνησις ἀνακοινοῖ ὅτι αἱ σχετικαὶ διατάξεις θὰ ἐφαρμοσθοῦν ἀμέσως. Οἱ ἐνδιαφερόμενοι καλοῦνται ὅπως προσέλθουν εἰς τὰ γραφεῖα πρὸς ὑποβολὴν τῶν αἰτήσεών των μετὰ τῶν ἀπαιτουμένων δικαιολογητικῶν ἐντὸς τῆς ὁρισθείσης προθεσμίας.
ΤΑ ΜΙΚΡΑ ΚΡΑΤΗ ΑΝΗΣΥΧΟΥΝ...
ΕΚ ΤΗΣ 1ης ΣΕΛΙΔΟΣ
Ἡ κυβέρνησις ἀνακοινοῖ ὅτι αἱ σχετικαὶ διατάξεις θὰ ἐφαρμοσθοῦν ἀμέσως. Οἱ ἐνδιαφερόμενοι καλοῦνται ὅπως προσέλθουν εἰς τὰ γραφεῖα πρὸς ὑποβολὴν τῶν αἰτήσεών των μετὰ τῶν ἀπαιτουμένων δικαιολογητικῶν ἐντὸς τῆς ὁρισθείσης προθεσμίας.
Ἡ κυβέρνησις ἀνακοινοῖ ὅτι αἱ σχετικαὶ διατάξεις θὰ ἐφαρμοσθοῦν ἀμέσως. Οἱ ἐνδιαφερόμενοι καλοῦνται ὅπως προσέλθουν εἰς τὰ γραφεῖα πρὸς ὑποβολὴν τῶν αἰτήσεών των μετὰ τῶν ἀπαιτουμένων δικαιολογητικῶν ἐντὸς τῆς ὁρισθείσης προθεσμίας.
Ἡ κυβέρνησις ἀνακοινοῖ ὅτι αἱ σχετικαὶ διατάξεις θὰ ἐφαρμοσθοῦν ἀμέσως. Οἱ ἐνδιαφερόμενοι καλοῦνται ὅπως προσέλθουν εἰς τὰ γραφεῖα πρὸς ὑποβολὴν τῶν αἰτήσεών των μετὰ τῶν ἀπαιτουμένων δικαιολογητικῶν ἐντὸς τῆς ὁρισθείσης προθεσμίας.
Η ΠΩΛΗΣΙΣ ΣΙΓΑΡΕΤΤΩΝ
Ἡ κυβέρνησις ἀνακοινοῖ ὅτι αἱ σχετικαὶ διατάξεις θὰ ἐφαρμοσθοῦν ἀμέσως. Οἱ ἐνδιαφερόμενοι καλοῦνται ὅπως προσέλθουν εἰς τὰ γραφεῖα πρὸς ὑποβολὴν τῶν αἰτήσεών των μετὰ τῶν ἀπαιτουμένων δικαιολογητικῶν ἐντὸς τῆς ὁρισθείσης προθεσμίας.
ΠΡΩΤΟΤΥΠΟΣ ΤΡΟΠΟΣ ΕΞΩΣΕΩΣ
Ἡ κυβέρνησις ἀνακοινοῖ ὅτι αἱ σχετικαὶ διατάξεις θὰ ἐφαρμοσθοῦν ἀμέσως. Οἱ ἐνδιαφερόμενοι καλοῦνται ὅπως προσέλθουν εἰς τὰ γραφεῖα πρὸς ὑποβολὴν τῶν αἰτήσεών των μετὰ τῶν ἀπαιτουμένων δικαιολογητικῶν ἐντὸς τῆς ὁρισθείσης προθεσμίας.
Ἡ κυβέρνησις ἀνακοινοῖ ὅτι αἱ σχετικαὶ διατάξεις θὰ ἐφαρμοσθοῦν ἀμέσως. Οἱ ἐνδιαφερόμενοι καλοῦνται ὅπως προσέλθουν εἰς τὰ γραφεῖα πρὸς ὑποβολὴν τῶν αἰτήσεών των μετὰ τῶν ἀπαιτουμένων δικαιολογητικῶν ἐντὸς τῆς ὁρισθείσης προθεσμίας.
Ἡ κυβέρνησις ἀνακοινοῖ ὅτι αἱ σχετικαὶ διατάξεις θὰ ἐφαρμοσθοῦν ἀμέσως. Οἱ ἐνδιαφερόμενοι καλοῦνται ὅπως προσέλθουν εἰς τὰ γραφεῖα πρὸς ὑποβολὴν τῶν αἰτήσεών των μετὰ τῶν ἀπαιτουμένων δικαιολογητικῶν ἐντὸς τῆς ὁρισθείσης προθεσμίας.
Ἡ κυβέρνησις ἀνακοινοῖ ὅτι αἱ σχετικαὶ διατάξεις θὰ ἐφαρμοσθοῦν ἀμέσως. Οἱ ἐνδιαφερόμενοι καλοῦνται ὅπως προσέλθουν εἰς τὰ γραφεῖα πρὸς ὑποβολὴν τῶν αἰτήσεών των μετὰ τῶν ἀπαιτουμένων δικαιολογητικῶν ἐντὸς τῆς ὁρισθείσης προθεσμίας.
Ἡ κυβέρνησις ἀνακοινοῖ ὅτι αἱ σχετικαὶ διατάξεις θὰ ἐφαρμοσθοῦν ἀμέσως. Οἱ ἐνδιαφερόμενοι καλοῦνται ὅπως προσέλθουν εἰς τὰ γραφεῖα πρὸς ὑποβολὴν τῶν αἰτήσεών των μετὰ τῶν ἀπαιτουμένων δικαιολογητικῶν ἐντὸς τῆς ὁρισθείσης προθεσμίας.
Ἡ κυβέρνησις ἀνακοινοῖ ὅτι αἱ σχετικαὶ διατάξεις θὰ ἐφαρμοσθοῦν ἀμέσως. Οἱ ἐνδιαφερόμενοι καλοῦνται ὅπως προσέλθουν εἰς τὰ γραφεῖα πρὸς ὑποβολὴν τῶν αἰτήσεών των μετὰ τῶν ἀπαιτουμένων δικαιολογητικῶν ἐντὸς τῆς ὁρισθείσης προθεσμίας.
Ἡ κυβέρνησις ἀνακοινοῖ ὅτι αἱ σχετικαὶ διατάξεις θὰ ἐφαρμοσθοῦν ἀμέσως. Οἱ ἐνδιαφερόμενοι καλοῦνται ὅπως προσέλθουν εἰς τὰ γραφεῖα πρὸς ὑποβολὴν τῶν αἰτήσεών των μετὰ τῶν ἀπαιτουμένων δικαιολογητικῶν ἐντὸς τῆς ὁρισθείσης προθεσμίας.
Ἡ κυβέρνησις ἀνακοινοῖ ὅτι αἱ σχετικαὶ διατάξεις θὰ ἐφαρμοσθοῦν ἀμέσως. Οἱ ἐνδιαφερόμενοι καλοῦνται ὅπως προσέλθουν εἰς τὰ γραφεῖα πρὸς ὑποβολὴν τῶν αἰτήσεών των μετὰ τῶν ἀπαιτουμένων δικαιολογητικῶν ἐντὸς τῆς ὁρισθείσης προθεσμίας.
Ἡ κυβέρνησις ἀνακοινοῖ ὅτι αἱ σχετικαὶ διατάξεις θὰ ἐφαρμοσθοῦν ἀμέσως. Οἱ ἐνδιαφερόμενοι καλοῦνται ὅπως προσέλθουν εἰς τὰ γραφεῖα πρὸς ὑποβολὴν τῶν αἰτήσεών των μετὰ τῶν ἀπαιτουμένων δικαιολογητικῶν ἐντὸς τῆς ὁρισθείσης προθεσμίας.
Ἡ κυβέρνησις ἀνακοινοῖ ὅτι αἱ σχετικαὶ διατάξεις θὰ ἐφαρμοσθοῦν ἀμέσως. Οἱ ἐνδιαφερόμενοι καλοῦνται ὅπως προσέλθουν εἰς τὰ γραφεῖα πρὸς ὑποβολὴν τῶν αἰτήσεών των μετὰ τῶν ἀπαιτουμένων δικαιολογητικῶν ἐντὸς τῆς ὁρισθείσης προθεσμίας.
ΤΟΜΑΣ ΧΑΜΙΛΤΟΝ
Ἡ κυβέρνησις ἀνακοινοῖ ὅτι αἱ σχετικαὶ διατάξεις θὰ ἐφαρμοσθοῦν ἀμέσως. Οἱ ἐνδιαφερόμενοι καλοῦνται ὅπως προσέλθουν εἰς τὰ γραφεῖα πρὸς ὑποβολὴν τῶν αἰτήσεών των μετὰ τῶν ἀπαιτουμένων δικαιολογητικῶν ἐντὸς τῆς ὁρισθείσης προθεσμίας.
Ἡ κυβέρνησις ἀνακοινοῖ ὅτι αἱ σχετικαὶ διατάξεις θὰ ἐφαρμοσθοῦν ἀμέσως. Οἱ ἐνδιαφερόμενοι καλοῦνται ὅπως προσέλθουν εἰς τὰ γραφεῖα πρὸς ὑποβολὴν τῶν αἰτήσεών των μετὰ τῶν ἀπαιτουμένων δικαιολογητικῶν ἐντὸς τῆς ὁρισθείσης προθεσμίας.
Ἡ κυβέρνησις ἀνακοινοῖ ὅτι αἱ σχετικαὶ διατάξεις θὰ ἐφαρμοσθοῦν ἀμέσως. Οἱ ἐνδιαφερόμενοι καλοῦνται ὅπως προσέλθουν εἰς τὰ γραφεῖα πρὸς ὑποβολὴν τῶν αἰτήσεών των μετὰ τῶν ἀπαιτουμένων δικαιολογητικῶν ἐντὸς τῆς ὁρισθείσης προθεσμίας.
Ἡ κυβέρνησις ἀνακοινοῖ ὅτι αἱ σχετικαὶ διατάξεις θὰ ἐφαρμοσθοῦν ἀμέσως. Οἱ ἐνδιαφερόμενοι καλοῦνται ὅπως προσέλθουν εἰς τὰ γραφεῖα πρὸς ὑποβολὴν τῶν αἰτήσεών των μετὰ τῶν ἀπαιτουμένων δικαιολογητικῶν ἐντὸς τῆς ὁρισθείσης προθεσμίας.
ΤΟ ΠΟΛΥΚΡΟΤΟ ΕΡΓΟ
ΤΟΥ ΤΖΩΡΤΖ ΜΠΕΡΝΑΡ ΣΩ
Ὁδηγὸς
ΤΗΣ ΕΞΥΠΝΗΣ ΓΥΝΑΙΚΑΣ
Γιὰ τὸ σοσιαλισμό, τὸν καπιταλισμό, τὸ σοβιετισμὸ καὶ τὸ φασισμό
67
ΤΟ ΝΟΙΚΙ ΤΗΣ ΙΚΑΝΟΤΗΤΑΣ
IV
Θὰ σκεφθοῦμε τώρα, ὅτι ὑπάρχουν ἄνθρωποι ποὺ ἔχουν ξεχωριστὲς ἱκανότητες. Ἡ ἀπόδοση τῆς ἱκανότητος εἶναι ἔνα ζήτημα ποὺ ἐνδιαφέρει πολὺ τὴν κοινωνία, διότι αὐτὴ ἐξαρτᾶται ἀπὸ τὸν τρόπο μὲ τὸν ὁποῖο τὴν χρησιμοποιοῦμε.
Ἡ κυβέρνησις ἀνακοινοῖ ὅτι αἱ σχετικαὶ διατάξεις θὰ ἐφαρμοσθοῦν ἀμέσως. Οἱ ἐνδιαφερόμενοι καλοῦνται ὅπως προσέλθουν εἰς τὰ γραφεῖα πρὸς ὑποβολὴν τῶν αἰτήσεών των μετὰ τῶν ἀπαιτουμένων δικαιολογητικῶν ἐντὸς τῆς ὁρισθείσης προθεσμίας.
Ἡ κυβέρνησις ἀνακοινοῖ ὅτι αἱ σχετικαὶ διατάξεις θὰ ἐφαρμοσθοῦν ἀμέσως. Οἱ ἐνδιαφερόμενοι καλοῦνται ὅπως προσέλθουν εἰς τὰ γραφεῖα πρὸς ὑποβολὴν τῶν αἰτήσεών των μετὰ τῶν ἀπαιτουμένων δικαιολογητικῶν ἐντὸς τῆς ὁρισθείσης προθεσμίας.
Ἡ κυβέρνησις ἀνακοινοῖ ὅτι αἱ σχετικαὶ διατάξεις θὰ ἐφαρμοσθοῦν ἀμέσως. Οἱ ἐνδιαφερόμενοι καλοῦνται ὅπως προσέλθουν εἰς τὰ γραφεῖα πρὸς ὑποβολὴν τῶν αἰτήσεών των μετὰ τῶν ἀπαιτουμένων δικαιολογητικῶν ἐντὸς τῆς ὁρισθείσης προθεσμίας.
Ἡ κυβέρνησις ἀνακοινοῖ ὅτι αἱ σχετικαὶ διατάξεις θὰ ἐφαρμοσθοῦν ἀμέσως. Οἱ ἐνδιαφερόμενοι καλοῦνται ὅπως προσέλθουν εἰς τὰ γραφεῖα πρὸς ὑποβολὴν τῶν αἰτήσεών των μετὰ τῶν ἀπαιτουμένων δικαιολογητικῶν ἐντὸς τῆς ὁρισθείσης προθεσμίας.
Ἡ κυβέρνησις ἀνακοινοῖ ὅτι αἱ σχετικαὶ διατάξεις θὰ ἐφαρμοσθοῦν ἀμέσως. Οἱ ἐνδιαφερόμενοι καλοῦνται ὅπως προσέλθουν εἰς τὰ γραφεῖα πρὸς ὑποβολὴν τῶν αἰτήσεών των μετὰ τῶν ἀπαιτουμένων δικαιολογητικῶν ἐντὸς τῆς ὁρισθείσης προθεσμίας.
Ἡ κυβέρνησις ἀνακοινοῖ ὅτι αἱ σχετικαὶ διατάξεις θὰ ἐφαρμοσθοῦν ἀμέσως. Οἱ ἐνδιαφερόμενοι καλοῦνται ὅπως προσέλθουν εἰς τὰ γραφεῖα πρὸς ὑποβολὴν τῶν αἰτήσεών των μετὰ τῶν ἀπαιτουμένων δικαιολογητικῶν ἐντὸς τῆς ὁρισθείσης προθεσμίας.
Ἡ κυβέρνησις ἀνακοινοῖ ὅτι αἱ σχετικαὶ διατάξεις θὰ ἐφαρμοσθοῦν ἀμέσως. Οἱ ἐνδιαφερόμενοι καλοῦνται ὅπως προσέλθουν εἰς τὰ γραφεῖα πρὸς ὑποβολὴν τῶν αἰτήσεών των μετὰ τῶν ἀπαιτουμένων δικαιολογητικῶν ἐντὸς τῆς ὁρισθείσης προθεσμίας.
Ἡ κυβέρνησις ἀνακοινοῖ ὅτι αἱ σχετικαὶ διατάξεις θὰ ἐφαρμοσθοῦν ἀμέσως. Οἱ ἐνδιαφερόμενοι καλοῦνται ὅπως προσέλθουν εἰς τὰ γραφεῖα πρὸς ὑποβολὴν τῶν αἰτήσεών των μετὰ τῶν ἀπαιτουμένων δικαιολογητικῶν ἐντὸς τῆς ὁρισθείσης προθεσμίας.
Ἡ κυβέρνησις ἀνακοινοῖ ὅτι αἱ σχετικαὶ διατάξεις θὰ ἐφαρμοσθοῦν ἀμέσως. Οἱ ἐνδιαφερόμενοι καλοῦνται ὅπως προσέλθουν εἰς τὰ γραφεῖα πρὸς ὑποβολὴν τῶν αἰτήσεών των μετὰ τῶν ἀπαιτουμένων δικαιολογητικῶν ἐντὸς τῆς ὁρισθείσης προθεσμίας.
Ἡ κυβέρνησις ἀνακοινοῖ ὅτι αἱ σχετικαὶ διατάξεις θὰ ἐφαρμοσθοῦν ἀμέσως. Οἱ ἐνδιαφερόμενοι καλοῦνται ὅπως προσέλθουν εἰς τὰ γραφεῖα πρὸς ὑποβολὴν τῶν αἰτήσεών των μετὰ τῶν ἀπαιτουμένων δικαιολογητικῶν ἐντὸς τῆς ὁρισθείσης προθεσμίας.
Ἡ κυβέρνησις ἀνακοινοῖ ὅτι αἱ σχετικαὶ διατάξεις θὰ ἐφαρμοσθοῦν ἀμέσως. Οἱ ἐνδιαφερόμενοι καλοῦνται ὅπως προσέλθουν εἰς τὰ γραφεῖα πρὸς ὑποβολὴν τῶν αἰτήσεών των μετὰ τῶν ἀπαιτουμένων δικαιολογητικῶν ἐντὸς τῆς ὁρισθείσης προθεσμίας.
Ἡ κυβέρνησις ἀνακοινοῖ ὅτι αἱ σχετικαὶ διατάξεις θὰ ἐφαρμοσθοῦν ἀμέσως. Οἱ ἐνδιαφερόμενοι καλοῦνται ὅπως προσέλθουν εἰς τὰ γραφεῖα πρὸς ὑποβολὴν τῶν αἰτήσεών των μετὰ τῶν ἀπαιτουμένων δικαιολογητικῶν ἐντὸς τῆς ὁρισθείσης προθεσμίας.
Ἡ κυβέρνησις ἀνακοινοῖ ὅτι αἱ σχετικαὶ διατάξεις θὰ ἐφαρμοσθοῦν ἀμέσως. Οἱ ἐνδιαφερόμενοι καλοῦνται ὅπως προσέλθουν εἰς τὰ γραφεῖα πρὸς ὑποβολὴν τῶν αἰτήσεών των μετὰ τῶν ἀπαιτουμένων δικαιολογητικῶν ἐντὸς τῆς ὁρισθείσης προθεσμίας.
ΜΕΘΑΥΡΙΟΝ: Τὸ νοίκι τῆς ἱκανότητος. Υ.
ΟΙ ΚΟΜΜΟΥΝΙΣΤΑΙ ΚΑΤΕΛΑΒΟΝ ΤΑ ΕΛΛΗΝΙΚΑ ΣΧΟΛΕΙΑ ΕΝ ΡΟΥΜΑΝΙΑ
Ἡ κυβέρνησις ἀνακοινοῖ ὅτι αἱ σχετικαὶ διατάξεις θὰ ἐφαρμοσθοῦν ἀμέσως. Οἱ ἐνδιαφερόμενοι καλοῦνται ὅπως προσέλθουν εἰς τὰ γραφεῖα πρὸς ὑποβολὴν τῶν αἰτήσεών των μετὰ τῶν ἀπαιτουμένων δικαιολογητικῶν ἐντὸς τῆς ὁρισθείσης προθεσμίας.
Ἡ κυβέρνησις ἀνακοινοῖ ὅτι αἱ σχετικαὶ διατάξεις θὰ ἐφαρμοσθοῦν ἀμέσως. Οἱ ἐνδιαφερόμενοι καλοῦνται ὅπως προσέλθουν εἰς τὰ γραφεῖα πρὸς ὑποβολὴν τῶν αἰτήσεών των μετὰ τῶν ἀπαιτουμένων δικαιολογητικῶν ἐντὸς τῆς ὁρισθείσης προθεσμίας.
Ἡ κυβέρνησις ἀνακοινοῖ ὅτι αἱ σχετικαὶ διατάξεις θὰ ἐφαρμοσθοῦν ἀμέσως. Οἱ ἐνδιαφερόμενοι καλοῦνται ὅπως προσέλθουν εἰς τὰ γραφεῖα πρὸς ὑποβολὴν τῶν αἰτήσεών των μετὰ τῶν ἀπαιτουμένων δικαιολογητικῶν ἐντὸς τῆς ὁρισθείσης προθεσμίας.
ΑΠΟΠΕΙΡΑ ΕΜΠΡΗΣΜΟΥ
Ἡ κυβέρνησις ἀνακοινοῖ ὅτι αἱ σχετικαὶ διατάξεις θὰ ἐφαρμοσθοῦν ἀμέσως. Οἱ ἐνδιαφερόμενοι καλοῦνται ὅπως προσέλθουν εἰς τὰ γραφεῖα πρὸς ὑποβολὴν τῶν αἰτήσεών των μετὰ τῶν ἀπαιτουμένων δικαιολογητικῶν ἐντὸς τῆς ὁρισθείσης προθεσμίας.
Ἡ κυβέρνησις ἀνακοινοῖ ὅτι αἱ σχετικαὶ διατάξεις θὰ ἐφαρμοσθοῦν ἀμέσως. Οἱ ἐνδιαφερόμενοι καλοῦνται ὅπως προσέλθουν εἰς τὰ γραφεῖα πρὸς ὑποβολὴν τῶν αἰτήσεών των μετὰ τῶν ἀπαιτουμένων δικαιολογητικῶν ἐντὸς τῆς ὁρισθείσης προθεσμίας.
Ἡ κυβέρνησις ἀνακοινοῖ ὅτι αἱ σχετικαὶ διατάξεις θὰ ἐφαρμοσθοῦν ἀμέσως. Οἱ ἐνδιαφερόμενοι καλοῦνται ὅπως προσέλθουν εἰς τὰ γραφεῖα πρὸς ὑποβολὴν τῶν αἰτήσεών των μετὰ τῶν ἀπαιτουμένων δικαιολογητικῶν ἐντὸς τῆς ὁρισθείσης προθεσμίας.
ΥΠΟΥΡΓΕΙΟΝ ΑΕΡΟΠΟΡΙΑΣ
ΑΝΑΚΟΙΝΩΣΙΣ
Ἡ κυβέρνησις ἀνακοινοῖ ὅτι αἱ σχετικαὶ διατάξεις θὰ ἐφαρμοσθοῦν ἀμέσως. Οἱ ἐνδιαφερόμενοι καλοῦνται ὅπως προσέλθουν εἰς τὰ γραφεῖα πρὸς ὑποβολὴν τῶν αἰτήσεών των μετὰ τῶν ἀπαιτουμένων δικαιολογητικῶν ἐντὸς τῆς ὁρισθείσης προθεσμίας.
Ἡ κυβέρνησις ἀνακοινοῖ ὅτι αἱ σχετικαὶ διατάξεις θὰ ἐφαρμοσθοῦν ἀμέσως. Οἱ ἐνδιαφερόμενοι καλοῦνται ὅπως προσέλθουν εἰς τὰ γραφεῖα πρὸς ὑποβολὴν τῶν αἰτήσεών των μετὰ τῶν ἀπαιτουμένων δικαιολογητικῶν ἐντὸς τῆς ὁρισθείσης προθεσμίας.
Ἡ κυβέρνησις ἀνακοινοῖ ὅτι αἱ σχετικαὶ διατάξεις θὰ ἐφαρμοσθοῦν ἀμέσως. Οἱ ἐνδιαφερόμενοι καλοῦνται ὅπως προσέλθουν εἰς τὰ γραφεῖα πρὸς ὑποβολὴν τῶν αἰτήσεών των μετὰ τῶν ἀπαιτουμένων δικαιολογητικῶν ἐντὸς τῆς ὁρισθείσης προθεσμίας.
Ἡ κυβέρνησις ἀνακοινοῖ ὅτι αἱ σχετικαὶ διατάξεις θὰ ἐφαρμοσθοῦν ἀμέσως. Οἱ ἐνδιαφερόμενοι καλοῦνται ὅπως προσέλθουν εἰς τὰ γραφεῖα πρὸς ὑποβολὴν τῶν αἰτήσεών των μετὰ τῶν ἀπαιτουμένων δικαιολογητικῶν ἐντὸς τῆς ὁρισθείσης προθεσμίας.
Ἡ κυβέρνησις ἀνακοινοῖ ὅτι αἱ σχετικαὶ διατάξεις θὰ ἐφαρμοσθοῦν ἀμέσως. Οἱ ἐνδιαφερόμενοι καλοῦνται ὅπως προσέλθουν εἰς τὰ γραφεῖα πρὸς ὑποβολὴν τῶν αἰτήσεών των μετὰ τῶν ἀπαιτουμένων δικαιολογητικῶν ἐντὸς τῆς ὁρισθείσης προθεσμίας.
Ἡ κυβέρνησις ἀνακοινοῖ ὅτι αἱ σχετικαὶ διατάξεις θὰ ἐφαρμοσθοῦν ἀμέσως. Οἱ ἐνδιαφερόμενοι καλοῦνται ὅπως προσέλθουν εἰς τὰ γραφεῖα πρὸς ὑποβολὴν τῶν αἰτήσεών των μετὰ τῶν ἀπαιτουμένων δικαιολογητικῶν ἐντὸς τῆς ὁρισθείσης προθεσμίας.
Ο Ὑπουργὸς
Α. ΜΠΑΚΑΛΜΠΑΣΗΣ
ΥΠΟΥΡΓΕΙΟΝ ΑΕΡΟΠΟΡΙΑΣ
ΑΝΑΚΟΙΝΩΣΙΣ
Ἡ κυβέρνησις ἀνακοινοῖ ὅτι αἱ σχετικαὶ διατάξεις θὰ ἐφαρμοσθοῦν ἀμέσως. Οἱ ἐνδιαφερόμενοι καλοῦνται ὅπως προσέλθουν εἰς τὰ γραφεῖα πρὸς ὑποβολὴν τῶν αἰτήσεών των μετὰ τῶν ἀπαιτουμένων δικαιολογητικῶν ἐντὸς τῆς ὁρισθείσης προθεσμίας.
Ἡ κυβέρνησις ἀνακοινοῖ ὅτι αἱ σχετικαὶ διατάξεις θὰ ἐφαρμοσθοῦν ἀμέσως. Οἱ ἐνδιαφερόμενοι καλοῦνται ὅπως προσέλθουν εἰς τὰ γραφεῖα πρὸς ὑποβολὴν τῶν αἰτήσεών των μετὰ τῶν ἀπαιτουμένων δικαιολογητικῶν ἐντὸς τῆς ὁρισθείσης προθεσμίας.
Ἡ κυβέρνησις ἀνακοινοῖ ὅτι αἱ σχετικαὶ διατάξεις θὰ ἐφαρμοσθοῦν ἀμέσως. Οἱ ἐνδιαφερόμενοι καλοῦνται ὅπως προσέλθουν εἰς τὰ γραφεῖα πρὸς ὑποβολὴν τῶν αἰτήσεών των μετὰ τῶν ἀπαιτουμένων δικαιολογητικῶν ἐντὸς τῆς ὁρισθείσης προθεσμίας.
Ἡ κυβέρνησις ἀνακοινοῖ ὅτι αἱ σχετικαὶ διατάξεις θὰ ἐφαρμοσθοῦν ἀμέσως. Οἱ ἐνδιαφερόμενοι καλοῦνται ὅπως προσέλθουν εἰς τὰ γραφεῖα πρὸς ὑποβολὴν τῶν αἰτήσεών των μετὰ τῶν ἀπαιτουμένων δικαιολογητικῶν ἐντὸς τῆς ὁρισθείσης προθεσμίας.
Ἡ κυβέρνησις ἀνακοινοῖ ὅτι αἱ σχετικαὶ διατάξεις θὰ ἐφαρμοσθοῦν ἀμέσως. Οἱ ἐνδιαφερόμενοι καλοῦνται ὅπως προσέλθουν εἰς τὰ γραφεῖα πρὸς ὑποβολὴν τῶν αἰτήσεών των μετὰ τῶν ἀπαιτουμένων δικαιολογητικῶν ἐντὸς τῆς ὁρισθείσης προθεσμίας.
Ἡ κυβέρνησις ἀνακοινοῖ ὅτι αἱ σχετικαὶ διατάξεις θὰ ἐφαρμοσθοῦν ἀμέσως. Οἱ ἐνδιαφερόμενοι καλοῦνται ὅπως προσέλθουν εἰς τὰ γραφεῖα πρὸς ὑποβολὴν τῶν αἰτήσεών των μετὰ τῶν ἀπαιτουμένων δικαιολογητικῶν ἐντὸς τῆς ὁρισθείσης προθεσμίας.
Ο Ὑπουργὸς
Α. ΜΠΑΚΑΛΜΠΑΣΗΣ
